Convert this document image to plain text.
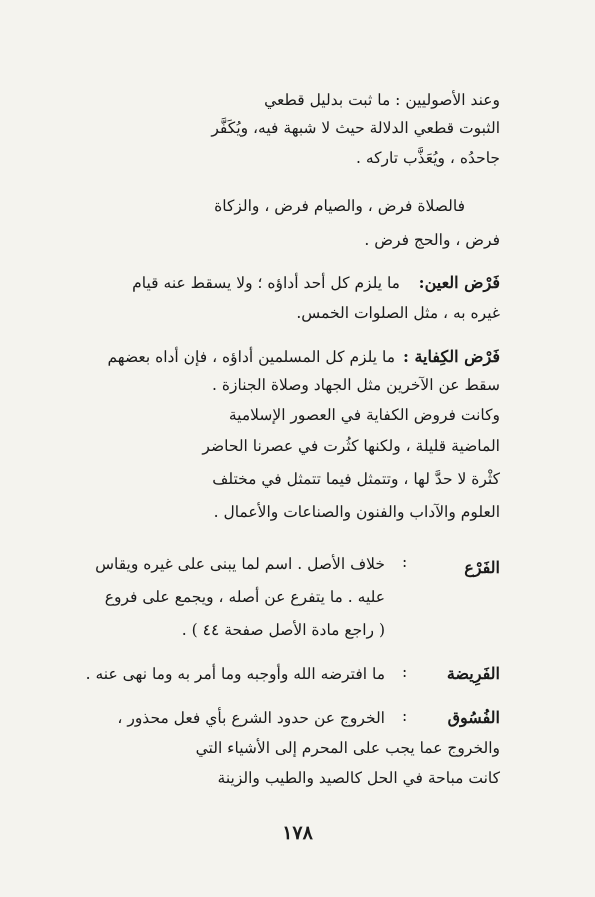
وعند الأصوليين : ما ثبت بدليل قطعي
الثبوت قطعي الدلالة حيث لا شبهة فيه، ويُكَفَّر
جاحدُه ، ويُعَذَّب تاركه .
فالصلاة فرض ، والصيام فرض ، والزكاة
فرض ، والحج فرض .
فَرْض العين:
ما يلزم كل أحد أداؤه ؛ ولا يسقط عنه قيام
غيره به ، مثل الصلوات الخمس.
فَرْض الكِفاية :
ما يلزم كل المسلمين أداؤه ، فإن أداه بعضهم
سقط عن الآخرين مثل الجهاد وصلاة الجنازة .
وكانت فروض الكفاية في العصور الإسلامية
الماضية قليلة ، ولكنها كثُرت في عصرنا الحاضر
كثْرة لا حدَّ لها ، وتتمثل فيما تتمثل في مختلف
العلوم والآداب والفنون والصناعات والأعمال .
الفَرْع
:
خلاف الأصل . اسم لما يبنى على غيره ويقاس
عليه . ما يتفرع عن أصله ، ويجمع على فروع
( راجع مادة الأصل صفحة ٤٤ ) .
الفَرِيضة
:
ما افترضه الله وأوجبه وما أمر به وما نهى عنه .
الفُسُوق
:
الخروج عن حدود الشرع بأي فعل محذور ،
والخروج عما يجب على المحرم إلى الأشياء التي
كانت مباحة في الحل كالصيد والطيب والزينة
١٧٨
